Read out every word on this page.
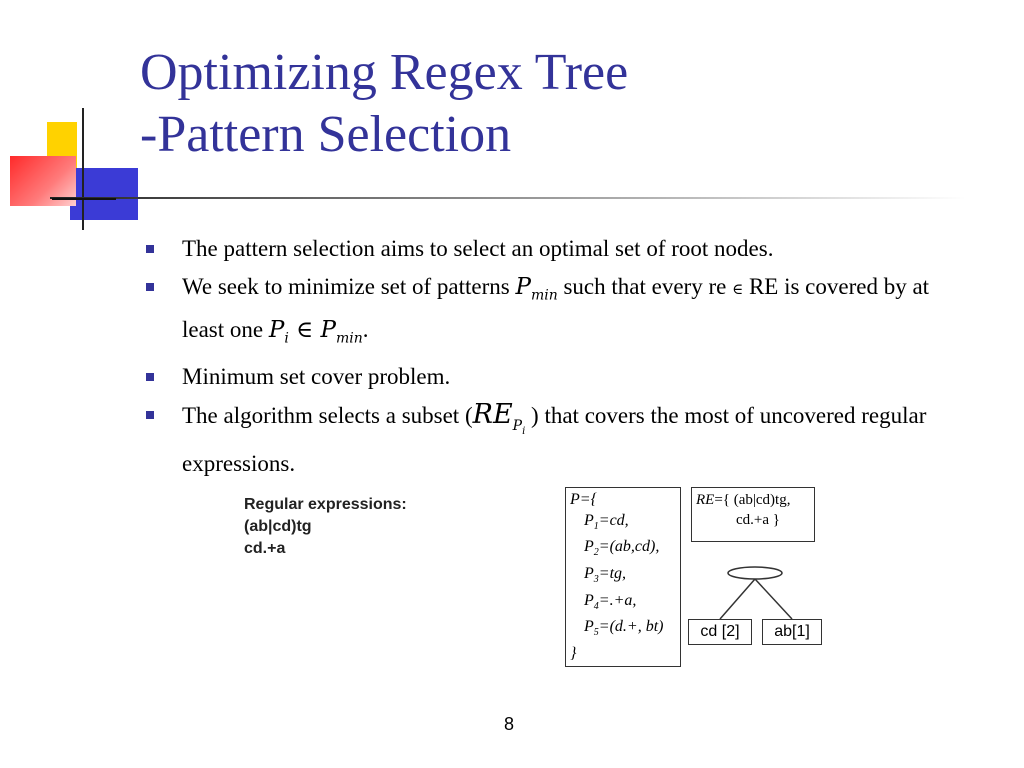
Optimizing Regex Tree
-Pattern Selection
The pattern selection aims to select an optimal set of root nodes.
We seek to minimize set of patterns $P_{min}$ such that every re ∈ RE is covered by at least one $P_i$ ∈ $P_{min}$.
Minimum set cover problem.
The algorithm selects a subset ($RE_{P_i}$ ) that covers the most of uncovered regular expressions.
Regular expressions:
(ab|cd)tg
cd.+a
P={
$P_1=cd$,
$P_2=(ab,cd)$,
$P_3=tg$,
$P_4=.+a$,
$P_5=(d.+$, bt)
}
RE={ (ab|cd)tg,
cd.+a }
cd [2]	ab[1]
8
